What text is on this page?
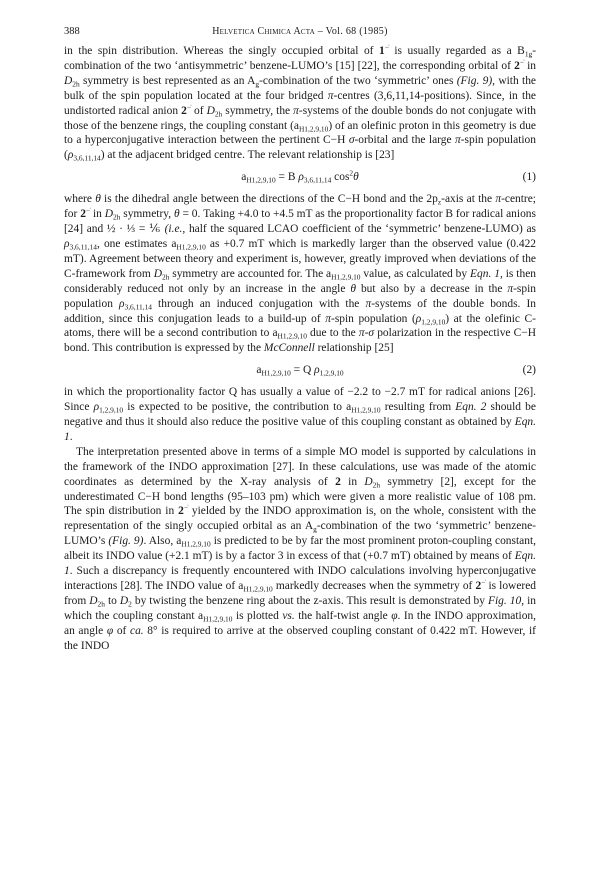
388	Helvetica Chimica Acta – Vol. 68 (1985)

in the spin distribution. Whereas the singly occupied orbital of 1−̇ is usually regarded as a $B_{1g}$-combination of the two ‘antisymmetric’ benzene-LUMO’s [15] [22], the corresponding orbital of 2−̇ in $D_{2h}$ symmetry is best represented as an $A_g$-combination of the two ‘symmetric’ ones (Fig. 9), with the bulk of the spin population located at the four bridged π-centres (3,6,11,14-positions). Since, in the undistorted radical anion 2−̇ of $D_{2h}$ symmetry, the π-systems of the double bonds do not conjugate with those of the benzene rings, the coupling constant $(a_{H1,2,9,10})$ of an olefinic proton in this geometry is due to a hyperconjugative interaction between the pertinent C−H σ-orbital and the large π-spin population $(\rho_{3,6,11,14})$ at the adjacent bridged centre. The relevant relationship is [23]

$a_{H1,2,9,10} = B$ $\rho_{3,6,11,14}$ $\cos^2\theta$	(1)

where θ is the dihedral angle between the directions of the C−H bond and the $2p_z$-axis at the π-centre; for 2−̇ in $D_{2h}$ symmetry, θ = 0. Taking +4.0 to +4.5 mT as the proportionality factor B for radical anions [24] and ½ · ⅓ = ⅙ (i.e., half the squared LCAO coefficient of the ‘symmetric’ benzene-LUMO) as $\rho_{3,6,11,14}$, one estimates $a_{H1,2,9,10}$ as +0.7 mT which is markedly larger than the observed value (0.422 mT). Agreement between theory and experiment is, however, greatly improved when deviations of the C-framework from $D_{2h}$ symmetry are accounted for. The $a_{H1,2,9,10}$ value, as calculated by Eqn. 1, is then considerably reduced not only by an increase in the angle θ but also by a decrease in the π-spin population $\rho_{3,6,11,14}$ through an induced conjugation with the π-systems of the double bonds. In addition, since this conjugation leads to a build-up of π-spin population $(\rho_{1,2,9,10})$ at the olefinic C-atoms, there will be a second contribution to $a_{H1,2,9,10}$ due to the π-σ polarization in the respective C−H bond. This contribution is expressed by the McConnell relationship [25]

$a_{H1,2,9,10} = Q$ $\rho_{1,2,9,10}$	(2)

in which the proportionality factor Q has usually a value of −2.2 to −2.7 mT for radical anions [26]. Since $\rho_{1,2,9,10}$ is expected to be positive, the contribution to $a_{H1,2,9,10}$ resulting from Eqn. 2 should be negative and thus it should also reduce the positive value of this coupling constant as obtained by Eqn. 1.

The interpretation presented above in terms of a simple MO model is supported by calculations in the framework of the INDO approximation [27]. In these calculations, use was made of the atomic coordinates as determined by the X-ray analysis of 2 in $D_{2h}$ symmetry [2], except for the underestimated C−H bond lengths (95–103 pm) which were given a more realistic value of 108 pm. The spin distribution in 2−̇ yielded by the INDO approximation is, on the whole, consistent with the representation of the singly occupied orbital as an $A_g$-combination of the two ‘symmetric’ benzene-LUMO’s (Fig. 9). Also, $a_{H1,2,9,10}$ is predicted to be by far the most prominent proton-coupling constant, albeit its INDO value (+2.1 mT) is by a factor 3 in excess of that (+0.7 mT) obtained by means of Eqn. 1. Such a discrepancy is frequently encountered with INDO calculations involving hyperconjugative interactions [28]. The INDO value of $a_{H1,2,9,10}$ markedly decreases when the symmetry of 2−̇ is lowered from $D_{2h}$ to $D_2$ by twisting the benzene ring about the z-axis. This result is demonstrated by Fig. 10, in which the coupling constant $a_{H1,2,9,10}$ is plotted vs. the half-twist angle φ. In the INDO approximation, an angle φ of ca. 8° is required to arrive at the observed coupling constant of 0.422 mT. However, if the INDO
